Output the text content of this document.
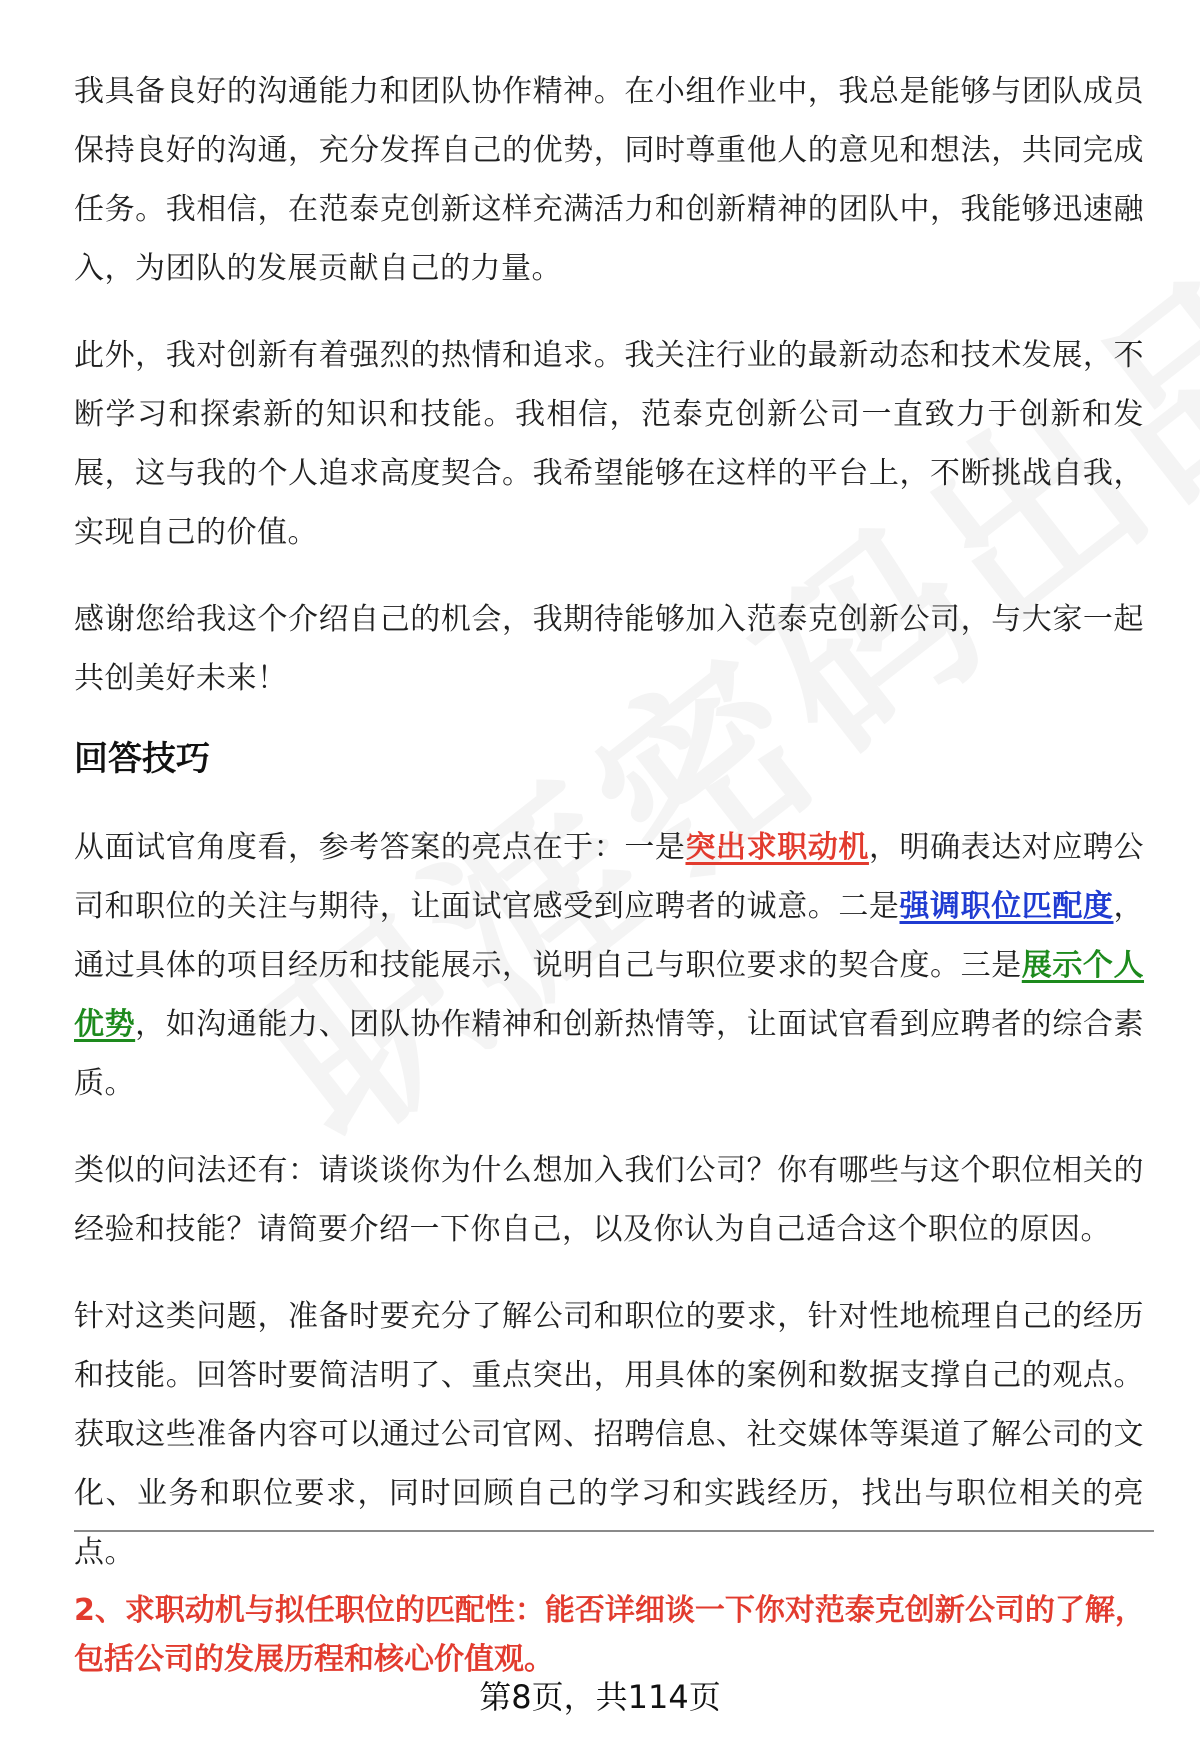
我具备良好的沟通能力和团队协作精神。在小组作业中，我总是能够与团队成员保持良好的沟通，充分发挥自己的优势，同时尊重他人的意见和想法，共同完成任务。我相信，在范泰克创新这样充满活力和创新精神的团队中，我能够迅速融入，为团队的发展贡献自己的力量。

此外，我对创新有着强烈的热情和追求。我关注行业的最新动态和技术发展，不断学习和探索新的知识和技能。我相信，范泰克创新公司一直致力于创新和发展，这与我的个人追求高度契合。我希望能够在这样的平台上，不断挑战自我，实现自己的价值。

感谢您给我这个介绍自己的机会，我期待能够加入范泰克创新公司，与大家一起共创美好未来！

回答技巧

从面试官角度看，参考答案的亮点在于：一是突出求职动机，明确表达对应聘公司和职位的关注与期待，让面试官感受到应聘者的诚意。二是强调职位匹配度，通过具体的项目经历和技能展示，说明自己与职位要求的契合度。三是展示个人优势，如沟通能力、团队协作精神和创新热情等，让面试官看到应聘者的综合素质。

类似的问法还有：请谈谈你为什么想加入我们公司？你有哪些与这个职位相关的经验和技能？请简要介绍一下你自己，以及你认为自己适合这个职位的原因。

针对这类问题，准备时要充分了解公司和职位的要求，针对性地梳理自己的经历和技能。回答时要简洁明了、重点突出，用具体的案例和数据支撑自己的观点。获取这些准备内容可以通过公司官网、招聘信息、社交媒体等渠道了解公司的文化、业务和职位要求，同时回顾自己的学习和实践经历，找出与职位相关的亮点。

2、求职动机与拟任职位的匹配性：能否详细谈一下你对范泰克创新公司的了解，包括公司的发展历程和核心价值观。
第8页，共114页
